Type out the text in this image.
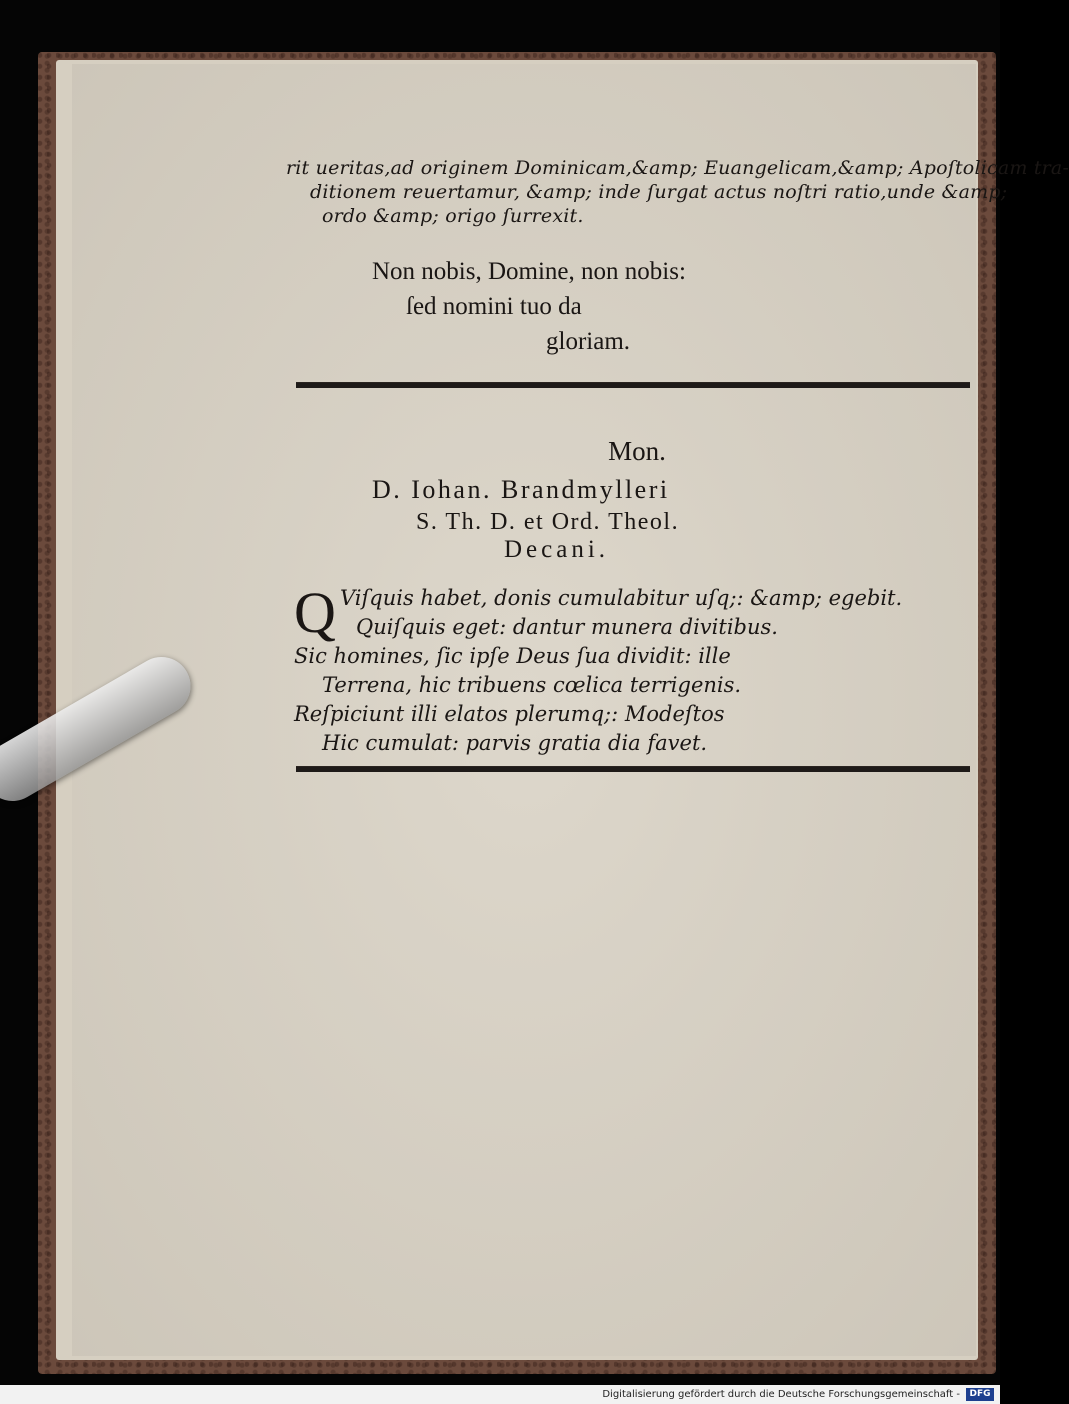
rit ueritas,ad originem Dominicam,&amp; Euangelicam,&amp; Apoſtolicam tra-
ditionem reuertamur, &amp; inde ſurgat actus noſtri ratio,unde &amp;
ordo &amp; origo ſurrexit.
Non nobis, Domine, non nobis:
ſed nomini tuo da
gloriam.
Mon.
D. Iohan. Brandmylleri
S. Th. D. et Ord. Theol.
Decani.
Q Viſquis habet, donis cumulabitur uſq;: &amp; egebit.
Quiſquis eget: dantur munera divitibus.
Sic homines, ſic ipſe Deus ſua dividit: ille
Terrena, hic tribuens cœlica terrigenis.
Reſpiciunt illi elatos plerumq;: Modeſtos
Hic cumulat: parvis gratia dia favet.
Digitalisierung gefördert durch die Deutsche Forschungsgemeinschaft -	DFG
